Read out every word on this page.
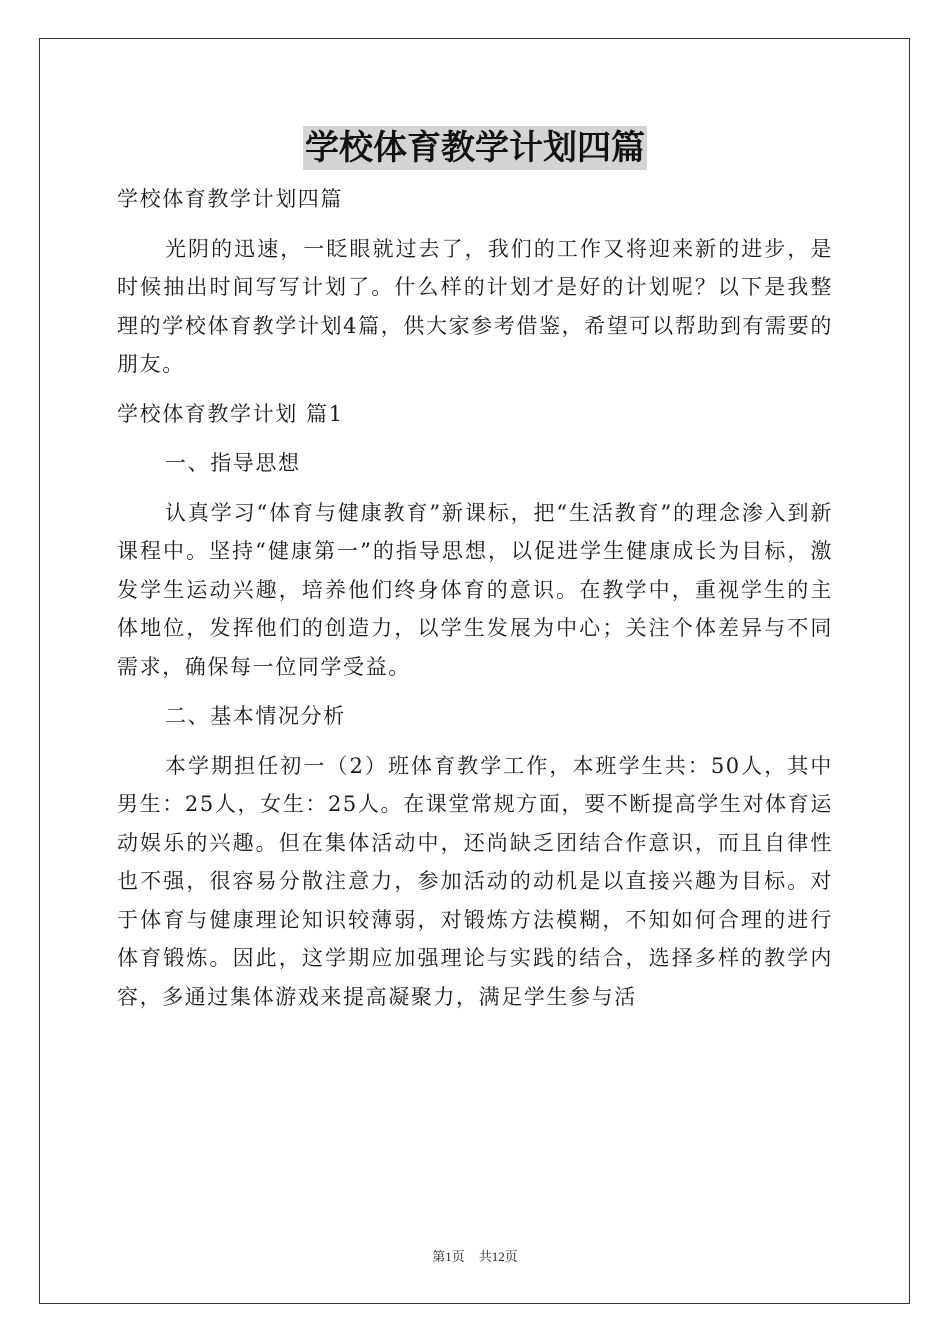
学校体育教学计划四篇

学校体育教学计划四篇

光阴的迅速，一眨眼就过去了，我们的工作又将迎来新的进步，是时候抽出时间写写计划了。什么样的计划才是好的计划呢？以下是我整理的学校体育教学计划4篇，供大家参考借鉴，希望可以帮助到有需要的朋友。

学校体育教学计划 篇1

一、指导思想

认真学习“体育与健康教育”新课标，把“生活教育”的理念渗入到新课程中。坚持“健康第一”的指导思想，以促进学生健康成长为目标，激发学生运动兴趣，培养他们终身体育的意识。在教学中，重视学生的主体地位，发挥他们的创造力，以学生发展为中心；关注个体差异与不同需求，确保每一位同学受益。

二、基本情况分析

本学期担任初一（2）班体育教学工作，本班学生共：50人，其中男生：25人，女生：25人。在课堂常规方面，要不断提高学生对体育运动娱乐的兴趣。但在集体活动中，还尚缺乏团结合作意识，而且自律性也不强，很容易分散注意力，参加活动的动机是以直接兴趣为目标。对于体育与健康理论知识较薄弱，对锻炼方法模糊，不知如何合理的进行体育锻炼。因此，这学期应加强理论与实践的结合，选择多样的教学内容，多通过集体游戏来提高凝聚力，满足学生参与活

第1页 共12页
